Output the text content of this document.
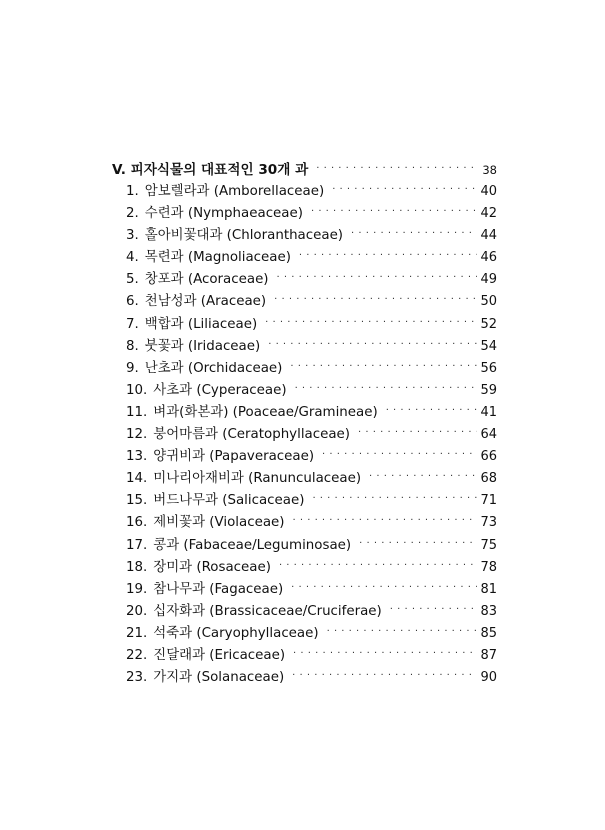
V. 피자식물의 대표적인 30개 과 · · ·	38
1. 암보렐라과 (Amborellaceae) · · ·	40
2. 수련과 (Nymphaeaceae) · · ·	42
3. 홀아비꽃대과 (Chloranthaceae) · · ·	44
4. 목련과 (Magnoliaceae) · · ·	46
5. 창포과 (Acoraceae) · · ·	49
6. 천남성과 (Araceae) · · ·	50
7. 백합과 (Liliaceae) · · ·	52
8. 붓꽃과 (Iridaceae) · · ·	54
9. 난초과 (Orchidaceae) · · ·	56
10. 사초과 (Cyperaceae) · · ·	59
11. 벼과(화본과) (Poaceae/Gramineae) · · ·	41
12. 붕어마름과 (Ceratophyllaceae) · · ·	64
13. 양귀비과 (Papaveraceae) · · ·	66
14. 미나리아재비과 (Ranunculaceae) · · ·	68
15. 버드나무과 (Salicaceae) · · ·	71
16. 제비꽃과 (Violaceae) · · ·	73
17. 콩과 (Fabaceae/Leguminosae) · · ·	75
18. 장미과 (Rosaceae) · · ·	78
19. 참나무과 (Fagaceae) · · ·	81
20. 십자화과 (Brassicaceae/Cruciferae) · · ·	83
21. 석죽과 (Caryophyllaceae) · · ·	85
22. 진달래과 (Ericaceae) · · ·	87
23. 가지과 (Solanaceae) · · ·	90
